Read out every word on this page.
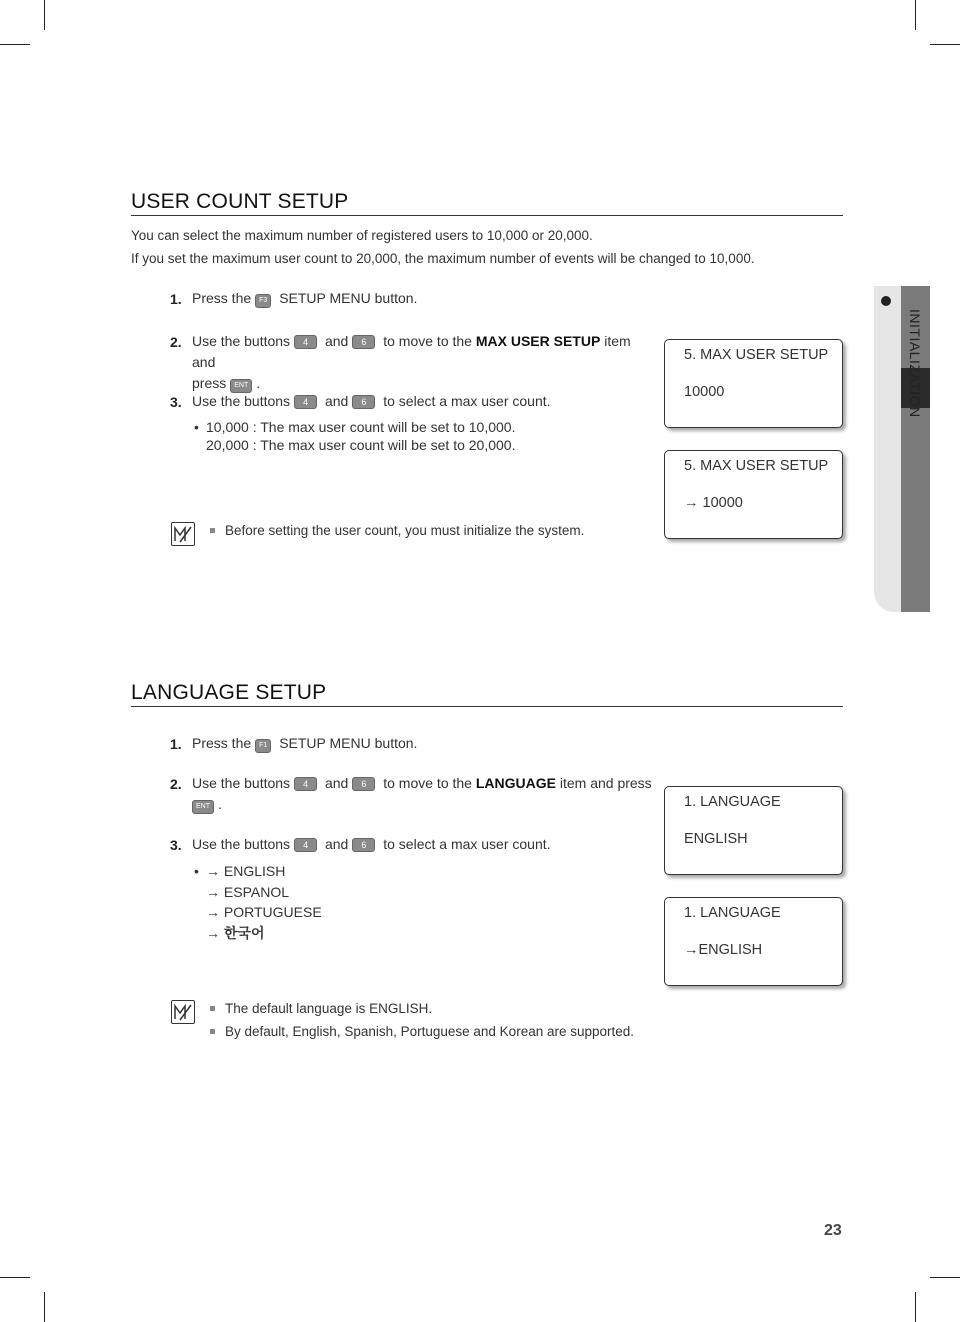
INITIALIZATION
USER COUNT SETUP
You can select the maximum number of registered users to 10,000 or 20,000.
If you set the maximum user count to 20,000, the maximum number of events will be changed to 10,000.
1. Press the F3 SETUP MENU button.
2. Use the buttons 4 and 6 to move to the MAX USER SETUP item and
press ENT .
3. Use the buttons 4 and 6 to select a max user count.
• 10,000 : The max user count will be set to 10,000.
20,000 : The max user count will be set to 20,000.
Before setting the user count, you must initialize the system.
5. MAX USER SETUP
10000
5. MAX USER SETUP
→ 10000
LANGUAGE SETUP
1. Press the F1 SETUP MENU button.
2. Use the buttons 4 and 6 to move to the LANGUAGE item and press
ENT .
3. Use the buttons 4 and 6 to select a max user count.
• → ENGLISH
→ ESPANOL
→ PORTUGUESE
→ 한국어
The default language is ENGLISH.
By default, English, Spanish, Portuguese and Korean are supported.
1. LANGUAGE
ENGLISH
1. LANGUAGE
→ENGLISH
23
